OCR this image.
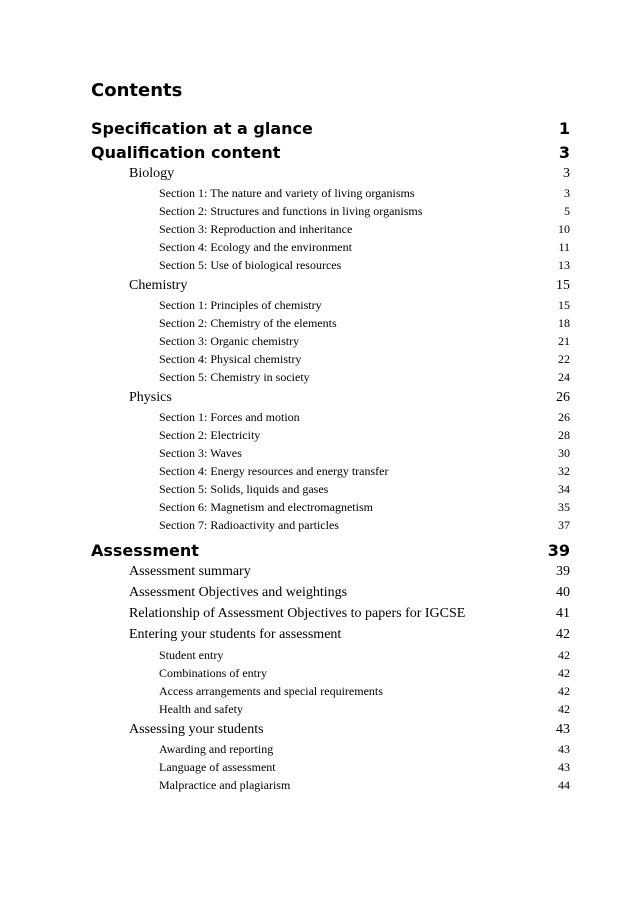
Contents
Specification at a glance	1
Qualification content	3
Biology	3
Section 1: The nature and variety of living organisms	3
Section 2: Structures and functions in living organisms	5
Section 3: Reproduction and inheritance	10
Section 4: Ecology and the environment	11
Section 5: Use of biological resources	13
Chemistry	15
Section 1: Principles of chemistry	15
Section 2: Chemistry of the elements	18
Section 3: Organic chemistry	21
Section 4: Physical chemistry	22
Section 5: Chemistry in society	24
Physics	26
Section 1: Forces and motion	26
Section 2: Electricity	28
Section 3: Waves	30
Section 4: Energy resources and energy transfer	32
Section 5: Solids, liquids and gases	34
Section 6: Magnetism and electromagnetism	35
Section 7: Radioactivity and particles	37
Assessment	39
Assessment summary	39
Assessment Objectives and weightings	40
Relationship of Assessment Objectives to papers for IGCSE	41
Entering your students for assessment	42
Student entry	42
Combinations of entry	42
Access arrangements and special requirements	42
Health and safety	42
Assessing your students	43
Awarding and reporting	43
Language of assessment	43
Malpractice and plagiarism	44
